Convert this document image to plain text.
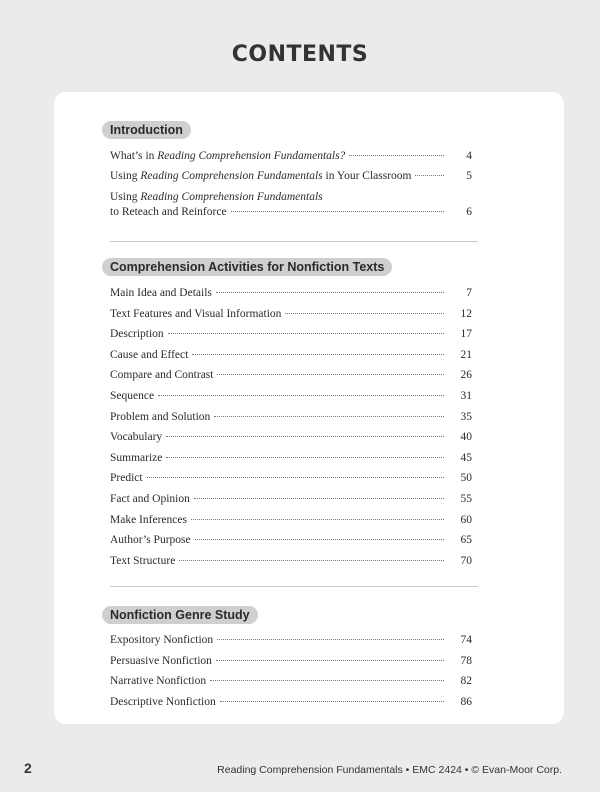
CONTENTS
Introduction
What’s in Reading Comprehension Fundamentals?	4
Using Reading Comprehension Fundamentals in Your Classroom	5
Using Reading Comprehension Fundamentals
to Reteach and Reinforce	6
Comprehension Activities for Nonfiction Texts
Main Idea and Details	7
Text Features and Visual Information	12
Description	17
Cause and Effect	21
Compare and Contrast	26
Sequence	31
Problem and Solution	35
Vocabulary	40
Summarize	45
Predict	50
Fact and Opinion	55
Make Inferences	60
Author’s Purpose	65
Text Structure	70
Nonfiction Genre Study
Expository Nonfiction	74
Persuasive Nonfiction	78
Narrative Nonfiction	82
Descriptive Nonfiction	86
2	Reading Comprehension Fundamentals • EMC 2424 • © Evan-Moor Corp.
